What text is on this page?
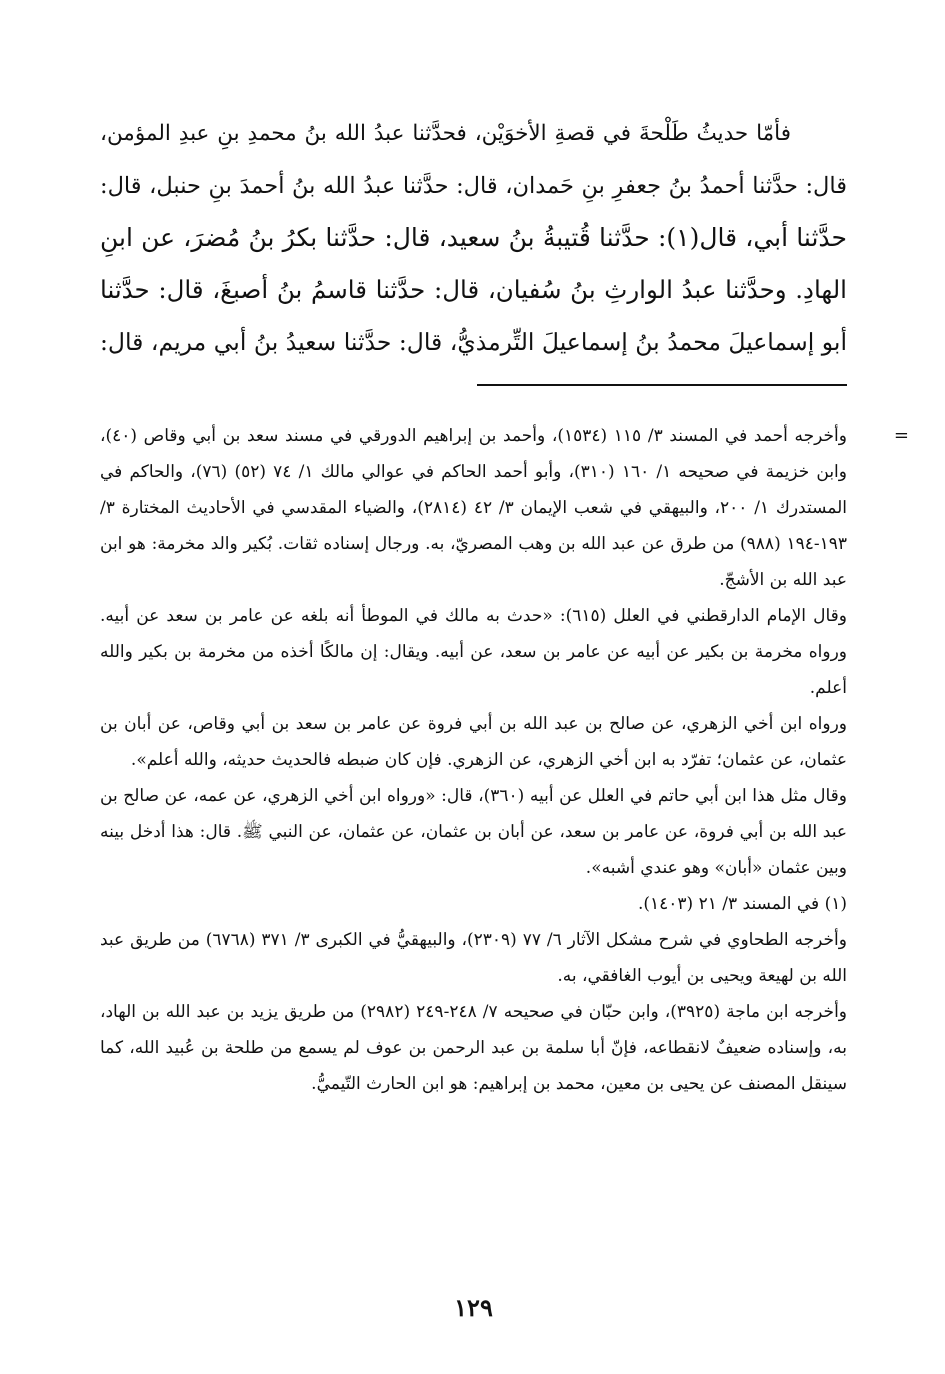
فأمّا حديثُ طَلْحةَ في قصةِ الأخوَيْن، فحدَّثنا عبدُ الله بنُ محمدِ بنِ عبدِ المؤمن،
قال: حدَّثنا أحمدُ بنُ جعفرِ بنِ حَمدان، قال: حدَّثنا عبدُ الله بنُ أحمدَ بنِ حنبل، قال:
حدَّثنا أبي، قال(١): حدَّثنا قُتيبةُ بنُ سعيد، قال: حدَّثنا بكرُ بنُ مُضرَ، عن ابنِ
الهادِ. وحدَّثنا عبدُ الوارثِ بنُ سُفيان، قال: حدَّثنا قاسمُ بنُ أصبغَ، قال: حدَّثنا
أبو إسماعيلَ محمدُ بنُ إسماعيلَ التِّرمذيُّ، قال: حدَّثنا سعيدُ بنُ أبي مريم، قال:
=

وأخرجه أحمد في المسند ٣/ ١١٥ (١٥٣٤)، وأحمد بن إبراهيم الدورقي في مسند سعد بن أبي وقاص (٤٠)، وابن خزيمة في صحيحه ١/ ١٦٠ (٣١٠)، وأبو أحمد الحاكم في عوالي مالك ١/ ٧٤ (٥٢) (٧٦)، والحاكم في المستدرك ١/ ٢٠٠، والبيهقي في شعب الإيمان ٣/ ٤٢ (٢٨١٤)، والضياء المقدسي في الأحاديث المختارة ٣/ ١٩٣-١٩٤ (٩٨٨) من طرق عن عبد الله بن وهب المصريّ، به. ورجال إسناده ثقات. بُكير والد مخرمة: هو ابن عبد الله بن الأشجّ.

وقال الإمام الدارقطني في العلل (٦١٥): «حدث به مالك في الموطأ أنه بلغه عن عامر بن سعد عن أبيه. ورواه مخرمة بن بكير عن أبيه عن عامر بن سعد، عن أبيه. ويقال: إن مالكًا أخذه من مخرمة بن بكير والله أعلم.

ورواه ابن أخي الزهري، عن صالح بن عبد الله بن أبي فروة عن عامر بن سعد بن أبي وقاص، عن أبان بن عثمان، عن عثمان؛ تفرّد به ابن أخي الزهري، عن الزهري. فإن كان ضبطه فالحديث حديثه، والله أعلم».

وقال مثل هذا ابن أبي حاتم في العلل عن أبيه (٣٦٠)، قال: «ورواه ابن أخي الزهري، عن عمه، عن صالح بن عبد الله بن أبي فروة، عن عامر بن سعد، عن أبان بن عثمان، عن عثمان، عن النبي ﷺ. قال: هذا أدخل بينه وبين عثمان «أبان» وهو عندي أشبه».

(١) في المسند ٣/ ٢١ (١٤٠٣).

وأخرجه الطحاوي في شرح مشكل الآثار ٦/ ٧٧ (٢٣٠٩)، والبيهقيُّ في الكبرى ٣/ ٣٧١ (٦٧٦٨) من طريق عبد الله بن لهيعة ويحيى بن أيوب الغافقي، به.

وأخرجه ابن ماجة (٣٩٢٥)، وابن حبّان في صحيحه ٧/ ٢٤٨-٢٤٩ (٢٩٨٢) من طريق يزيد بن عبد الله بن الهاد، به، وإسناده ضعيفٌ لانقطاعه، فإنّ أبا سلمة بن عبد الرحمن بن عوف لم يسمع من طلحة بن عُبيد الله، كما سينقل المصنف عن يحيى بن معين، محمد بن إبراهيم: هو ابن الحارث التّيميُّ.

١٢٩
